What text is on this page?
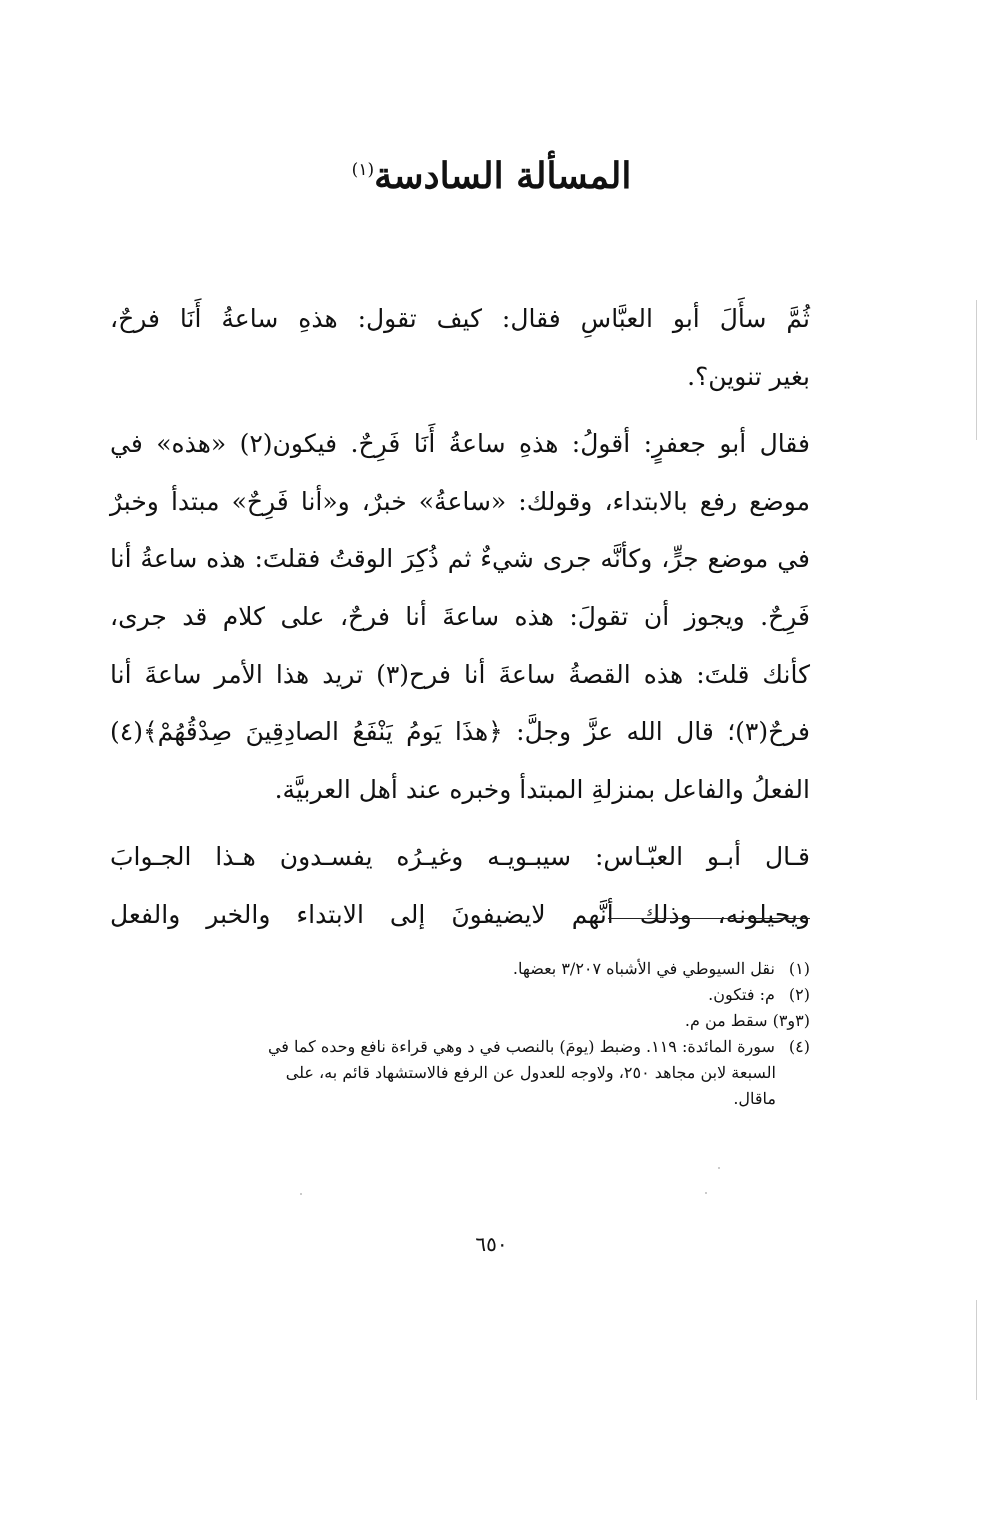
المسألة السادسة$^{(١)}$

ثُمَّ سأَلَ أبو العبَّاسِ فقال: كيف تقول: هذهِ ساعةُ أَنَا فرحٌ،
بغير تنوين؟.

فقال أبو جعفرٍ: أقولُ: هذهِ ساعةُ أَنَا فَرِحٌ. فيكون(٢) «هذه» في
موضع رفع بالابتداء، وقولك: «ساعةُ» خبرٌ، و«أنا فَرِحٌ» مبتدأ وخبرٌ
في موضع جرٍّ، وكأنَّه جرى شيءٌ ثم ذُكِرَ الوقتُ فقلتَ: هذه ساعةُ أنا
فَرِحٌ. ويجوز أن تقولَ: هذه ساعةَ أنا فرحٌ، على كلام قد جرى،
كأنك قلتَ: هذه القصةُ ساعةَ أنا فرح(٣) تريد هذا الأمر ساعةَ أنا
فرحٌ(٣)؛ قال الله عزَّ وجلَّ: ﴿هذَا يَومُ يَنْفَعُ الصادِقِينَ صِدْقُهُمْ﴾(٤)
الفعلُ والفاعل بمنزلةِ المبتدأ وخبره عند أهل العربيَّة.

قـال أبـو العبّـاس: سيبـويـه وغيـرُه يفسـدون هـذا الجـوابَ
ويحيلونه، وذلك أنَّهم لايضيفونَ إلى الابتداء والخبر والفعل

(١) نقل السيوطي في الأشباه ٣/٢٠٧ بعضها.
(٢) م: فتكون.
(٣و٣) سقط من م.
(٤) سورة المائدة: ١١٩. وضبط (يومَ) بالنصب في د وهي قراءة نافع وحده كما في
السبعة لابن مجاهد ٢٥٠، ولاوجه للعدول عن الرفع فالاستشهاد قائم به، على
ماقال.
٦٥٠
